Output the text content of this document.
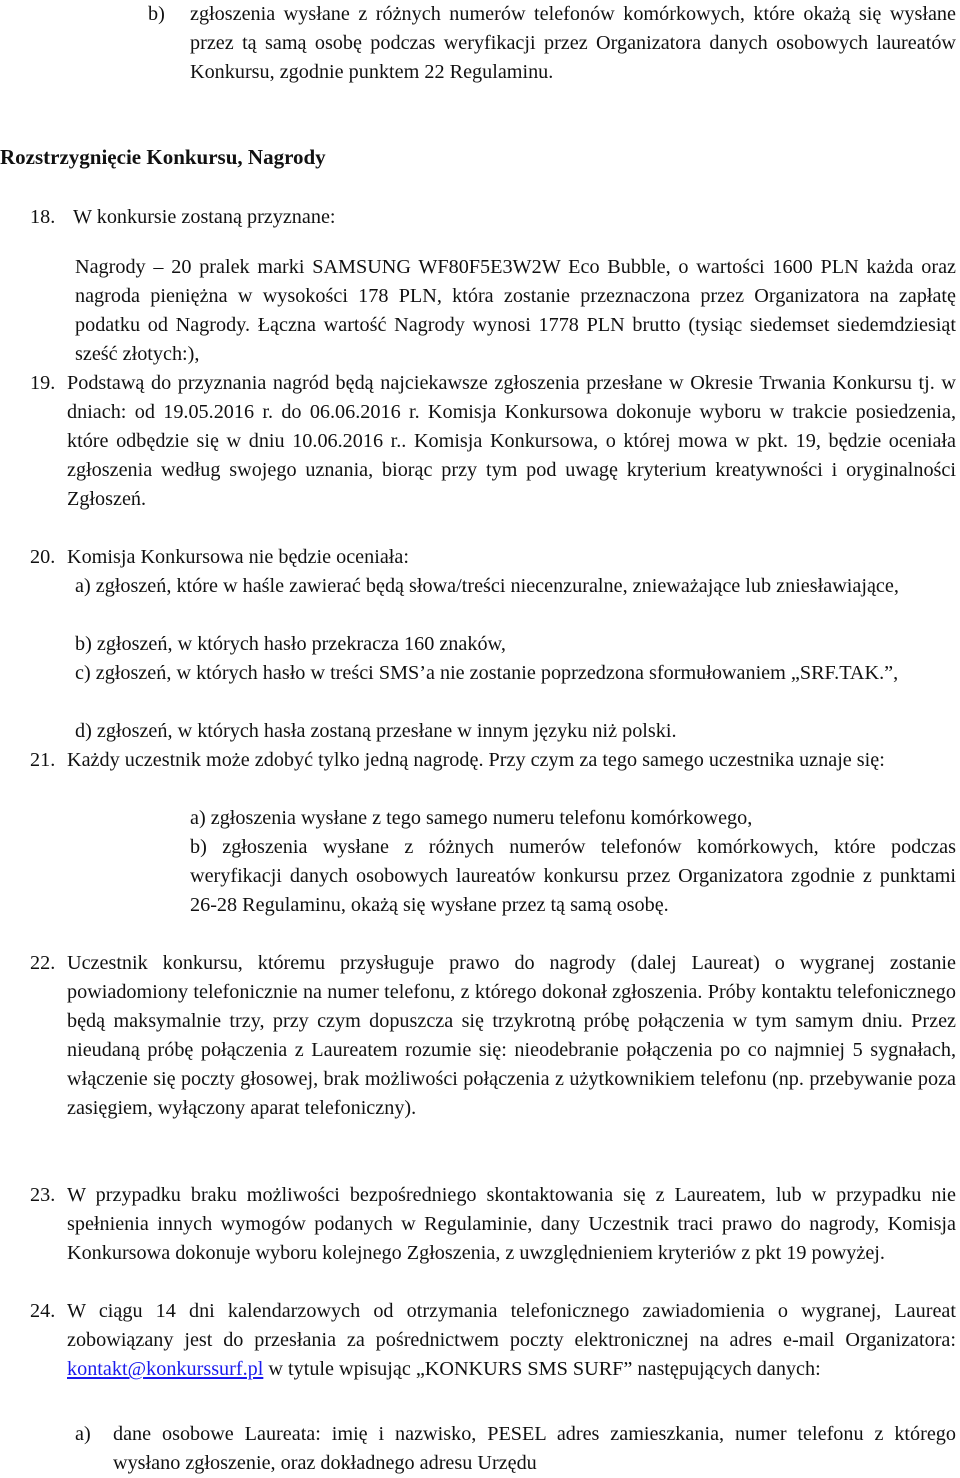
b) zgłoszenia wysłane z różnych numerów telefonów komórkowych, które okażą się wysłane przez tą samą osobę podczas weryfikacji przez Organizatora danych osobowych laureatów Konkursu, zgodnie punktem 22 Regulaminu.

Rozstrzygnięcie Konkursu, Nagrody

18. W konkursie zostaną przyznane:

Nagrody – 20 pralek marki SAMSUNG WF80F5E3W2W Eco Bubble, o wartości 1600 PLN każda oraz nagroda pieniężna w wysokości 178 PLN, która zostanie przeznaczona przez Organizatora na zapłatę podatku od Nagrody. Łączna wartość Nagrody wynosi 1778 PLN brutto (tysiąc siedemset siedemdziesiąt sześć złotych:),

19. Podstawą do przyznania nagród będą najciekawsze zgłoszenia przesłane w Okresie Trwania Konkursu tj. w dniach: od 19.05.2016 r. do 06.06.2016 r. Komisja Konkursowa dokonuje wyboru w trakcie posiedzenia, które odbędzie się w dniu 10.06.2016 r.. Komisja Konkursowa, o której mowa w pkt. 19, będzie oceniała zgłoszenia według swojego uznania, biorąc przy tym pod uwagę kryterium kreatywności i oryginalności Zgłoszeń.

20. Komisja Konkursowa nie będzie oceniała:

a) zgłoszeń, które w haśle zawierać będą słowa/treści niecenzuralne, znieważające lub zniesławiające,

b) zgłoszeń, w których hasło przekracza 160 znaków,

c) zgłoszeń, w których hasło w treści SMS’a nie zostanie poprzedzona sformułowaniem „SRF.TAK.”,

d) zgłoszeń, w których hasła zostaną przesłane w innym języku niż polski.

21. Każdy uczestnik może zdobyć tylko jedną nagrodę. Przy czym za tego samego uczestnika uznaje się:

a) zgłoszenia wysłane z tego samego numeru telefonu komórkowego,

b) zgłoszenia wysłane z różnych numerów telefonów komórkowych, które podczas weryfikacji danych osobowych laureatów konkursu przez Organizatora zgodnie z punktami 26-28 Regulaminu, okażą się wysłane przez tą samą osobę.

22. Uczestnik konkursu, któremu przysługuje prawo do nagrody (dalej Laureat) o wygranej zostanie powiadomiony telefonicznie na numer telefonu, z którego dokonał zgłoszenia. Próby kontaktu telefonicznego będą maksymalnie trzy, przy czym dopuszcza się trzykrotną próbę połączenia w tym samym dniu. Przez nieudaną próbę połączenia z Laureatem rozumie się: nieodebranie połączenia po co najmniej 5 sygnałach, włączenie się poczty głosowej, brak możliwości połączenia z użytkownikiem telefonu (np. przebywanie poza zasięgiem, wyłączony aparat telefoniczny).

23. W przypadku braku możliwości bezpośredniego skontaktowania się z Laureatem, lub w przypadku nie spełnienia innych wymogów podanych w Regulaminie, dany Uczestnik traci prawo do nagrody, Komisja Konkursowa dokonuje wyboru kolejnego Zgłoszenia, z uwzględnieniem kryteriów z pkt 19 powyżej.

24. W ciągu 14 dni kalendarzowych od otrzymania telefonicznego zawiadomienia o wygranej, Laureat zobowiązany jest do przesłania za pośrednictwem poczty elektronicznej na adres e-mail Organizatora: kontakt@konkurssurf.pl w tytule wpisując „KONKURS SMS SURF” następujących danych:

a) dane osobowe Laureata: imię i nazwisko, PESEL adres zamieszkania, numer telefonu z którego wysłano zgłoszenie, oraz dokładnego adresu Urzędu
